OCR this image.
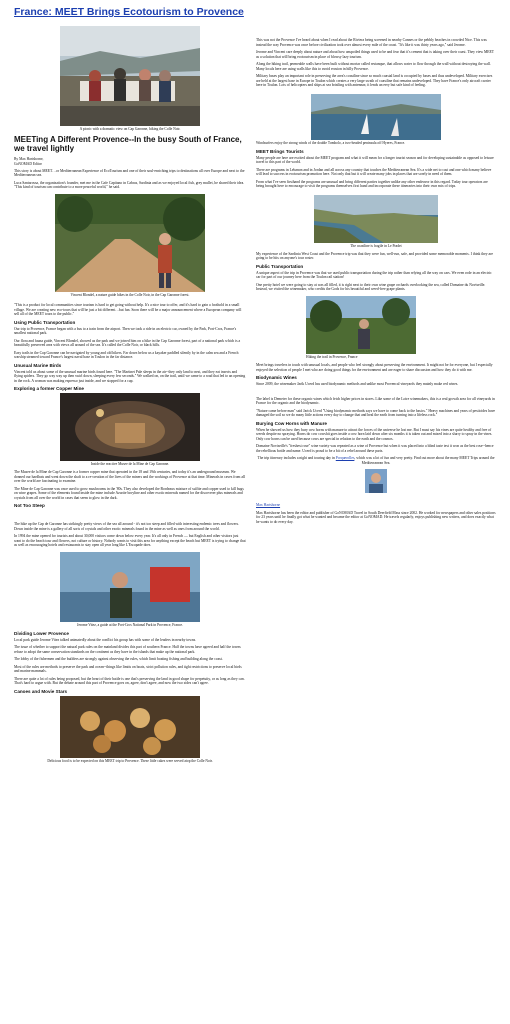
France: MEET Brings Ecotourism to Provence
A picnic with a dramatic view on Cap Garonne, hiking the Colle Noir.
MEETing A Different Provence--In the busy South of France, we travel lightly
By Max Hartshorne,
GoNOMAD Editor

This story is about MEET…or Mediterranean Experience of EcoTourism and one of their soul-enriching trips to destinations all over Europe and next to the Mediterranean sea.

Luca Santarossa, the organization's founder, met me in the Cafe Capitano in Cabras, Sardinia and as we enjoyed local fish, grey mullet, he shared their idea. "This kind of tourism can contribute to a more peaceful world," he said.

Vincent Blondel, a nature guide hikes in the Colle Noir, in the Cap Garonne forest.

"This is a product for local communities since tourism is hard to get going without help. It's a nice tour to offer, and it's hard to gain a foothold in a small village. We are creating new eco-tours that will be just a bit different…but fun. Soon there will be a major announcement where a European company will sell all of the MEET tours to the public."

Using Public Transportation

Our trip to Provence, France began with a bus to a train from the airport. Then we took a ride in an electric car, owned by the Park, Port-Cros, France's smallest national park.

Our flora and fauna guide, Vincent Blondel, showed us the park and we joined him on a hike in the Cap Garonne forest, part of a national park which is a beautifully preserved area with views all around of the sea. It's called the Colle Noir, or black hills.

Easy trails in the Cap Garonne can be navigated by young and old hikers. Far down below us a kayaker paddled silently by in the calm sea and a French warship steamed toward France's largest naval base in Toulon in the far distance.

Unusual Marine Birds

Vincent told us about some of the unusual marine birds found here. "The Martinet Pale sleeps in the air--they only land to nest, and they eat insects and flying spiders. They go way way up then swirl down, sleeping every few seconds." We walked on, on the trail, until we came to a road that led to an opening in the rock. A woman was making espresso just inside, and we stopped for a cup.

Exploring a former Copper Mine
Inside the reactive Musee de la Mine de Cap Garonne.

The Musee de la Mine de Cap Garonne is a former copper mine that operated in the 18 and 19th centuries, and today it's an underground museum. We donned our hardhats and went down the shaft to a re-creation of the lives of the miners and the workings of Provence at that time. Minerals in caves from all over the world are fascinating to examine.

The Mine de Cap Garonne was once used to grow mushrooms in the '80s. They also developed the Bordeaux mixture of sulfite and copper used to kill bugs on wine grapes. Some of the elements found inside the mine include Azurite boryline and other exotic minerals named for the discoverer plus minerals and crystals from all over the world in cases that seem to glow in the dark.

Not Too Steep

The hike up the Cap de Garonne has strikingly pretty views of the sea all around - it's not too steep and filled with interesting endemic trees and flowers. Down inside the mine is a gallery of all sorts of crystals and other exotic minerals found in the mine as well as ones from around the world.

In 1994 the mine opened for tourists and about 30,000 visitors come down below every year. It's all only in French — but English and other visitors just want to do the beach tour and flowers, not culture or history. Nobody wants to visit this area for anything except the beach but MEET is trying to change that as well as encouraging hotels and restaurants to stay open all year long like L'Escapade does.

Jerome Vitez, a guide at the Port-Cros National Park in Provence, France.
Dividing Lower Provence

Local park guide Jerome Vitez talked animatedly about the conflict his group has with some of the leaders in nearby towns.

The issue of whether to support the natural park rules on the mainland divides this part of southern France. Half the towns have agreed and half the towns refuse to adopt the same conservation standards on the continent as they have in the islands that make up the national park.

The lobby of the fishermen and the builders are strongly against observing the rules, which limit boating fishing and building along the coast.

Most of the rules are methods to preserve the park and ocean--things like limits on boats, strict pollution rules, and tight restrictions to preserve local birds and marine mammals.

There are quite a lot of rules being proposed, but the heart of their battle is one that's preserving the land in good shape for perpetuity, or as long as they can. That's hard to argue with. But the debate around this part of Provence goes on, agree, don't agree, and now the two sides can't agree.

Canoes and Movie Stars
Delicious food is to be expected on this MEET trip to Provence. These little cakes were served atop the Colle Noir.

This was not the Provence I've heard about when I read about the Riviera being screened in nearby Cannes or the pebbly beaches in crowded Nice. This was instead the way Provence was once before civilization took over almost every mile of the coast. "It's like it was thirty years ago," said Jerome.

Jerome and Vincent care deeply about nature and about how unspoiled things used to be and fear that it's cement that is taking over their coast. They view MEET as a solution that will bring ecotourism in place of blowsy lazy tourism.

Along the hiking trail, permeable walls have been built without mortar called restanque, that allows water to flow through the wall without destroying the wall. Many locals here are using walls like this to avoid erosion in hilly Provence.

Military bases play an important role in preserving the area's coastline since so much coastal land is occupied by bases and thus undeveloped. Military exercises are held at the largest base in Europe in Toulon which creates a very large swath of coastline that remains undeveloped. They have France's only aircraft carrier here in Toulon. Lots of helicopters and ships at sea bristling with antennas; it lends an eery but safe kind of feeling.

Windsurfers enjoy the strong winds of the double Tombolo, a two-headed peninsula off Hyeres, France.
MEET Brings Tourists

Many people are here are excited about the MEET program and what it will mean for a longer tourist season and for developing sustainable as opposed to leisure travel to this part of the world.

There are programs in Lebanon and in Jordan and all across any country that touches the Mediterranean Sea. It's a wide net to cast and one which many believe will lead to success in ecotourism promotion here. Not only that but it will create many jobs in places that are sorely in need of them.

From what I've seen firsthand the programs are unusual and bring different parties together unlike any other endeavor in this regard. Today tour operators are being brought here to encourage to visit the programs themselves first hand and incorporate these itineraries into their own mix of trips.

The coastline is fragile in Le Pradet

My experience of the Sardinia West Coast and the Provence trip was that they were fun, well-run, safe, and provided some memorable moments. I think they are going to be hits on anyone's tour roster.

Public Transportation

A unique aspect of the trip in Provence was that we used public transportation during the trip rather than relying all the way on cars. We even rode in an electric car for part of our journey here from the Toulon rail station!

One pretty hotel we were going to stay at was all filled, it is right next to their own wine grape orchards overlooking the sea, called Domaine du Noviseille. Instead, we visited the winemaker, who credits the Gods for his beautiful and weed-free grape plants.

Hiking the trail in Provence, France

Meet brings travelers in touch with unusual locals, and people who feel strongly about preserving the environment. It might not be for everyone, but I especially enjoyed the selection of people I met who are doing good things for the environment and are eager to share discussion and how they do it with me.

Biodynamic Wines

Since 2009, the winemaker Jarik Ucerd has used biodynamic methods and unlike most Provencal vineyards they mainly make red wines.

The label is Demeter for these organic wines which fetch higher prices in stores. Like some of the Loire winemakers, this is a real growth area for all vineyards in France for the organic and the biodynamic.

"Nature came before man" said Jarick Ucerd "Using biodynamic methods says we have to come back to the basics." Heavy machines and years of pesticides have damaged the soil so we do many little actions every day to change that and heal the earth from turning into a lifeless rock."

Burying Cow Horns with Manure

When he showed us how they bury cow horns with manure to attract the forces of the universe he lost me. But I must say his vines are quite healthy and free of weeds despite no spraying. Horns do cow cowshit goes inside a cow horn laid down after six months it is taken out and mixed into a slurry to spray in the vines. Only cow horns can be used because cows are special in relation to the earth and the cosmos.

Domaine Noviseille's "freshest rose" wine variety was repeated as a wine of Provence but when it was placed into a blind taste test it won as the best rose--hence the rebellious bottle and name. Ucerd is proud to be a bit of a rebel around these parts.

The trip itinerary includes a night and touring day in Porquerolles, which was a lot of fun and very pretty. Find out more about the many MEET Trips around the Mediterranean Sea.

Max Hartshorne

Max Hartshorne has been the editor and publisher of GoNOMAD Travel in South Deerfield Mass since 2002. He worked for newspapers and other sales positions for 23 years until he finally got what he wanted and became the editor at GoNOMAD. He travels regularly, enjoys publishing new writers, and does exactly what he wants to do every day.
